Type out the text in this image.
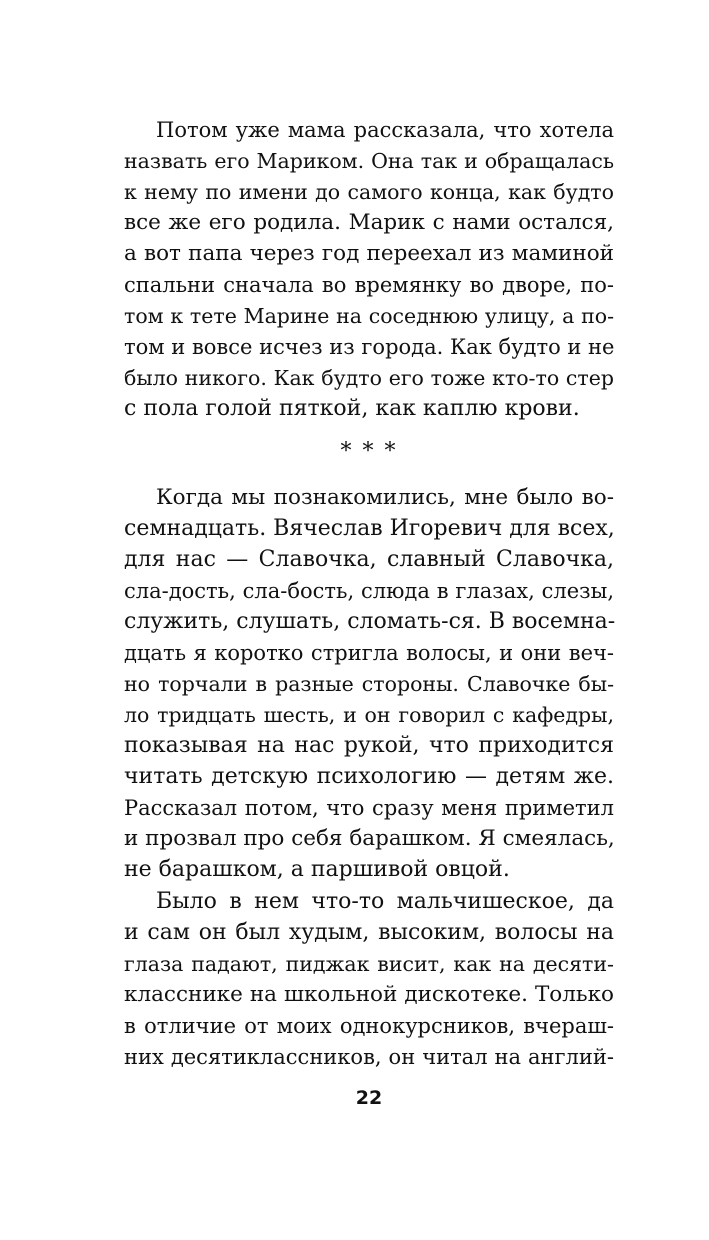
Потом уже мама рассказала, что хотела
назвать его Мариком. Она так и обращалась
к нему по имени до самого конца, как будто
все же его родила. Марик с нами остался,
а вот папа через год переехал из маминой
спальни сначала во времянку во дворе, по-
том к тете Марине на соседнюю улицу, а по-
том и вовсе исчез из города. Как будто и не
было никого. Как будто его тоже кто-то стер
с пола голой пяткой, как каплю крови.
* * *
Когда мы познакомились, мне было во-
семнадцать. Вячеслав Игоревич для всех,
для нас — Славочка, славный Славочка,
сла-дость, сла-бость, слюда в глазах, слезы,
служить, слушать, сломать-ся. В восемна-
дцать я коротко стригла волосы, и они веч-
но торчали в разные стороны. Славочке бы-
ло тридцать шесть, и он говорил с кафедры,
показывая на нас рукой, что приходится
читать детскую психологию — детям же.
Рассказал потом, что сразу меня приметил
и прозвал про себя барашком. Я смеялась,
не барашком, а паршивой овцой.
Было в нем что-то мальчишеское, да
и сам он был худым, высоким, волосы на
глаза падают, пиджак висит, как на десяти-
класснике на школьной дискотеке. Только
в отличие от моих однокурсников, вчераш-
них десятиклассников, он читал на англий-
22
